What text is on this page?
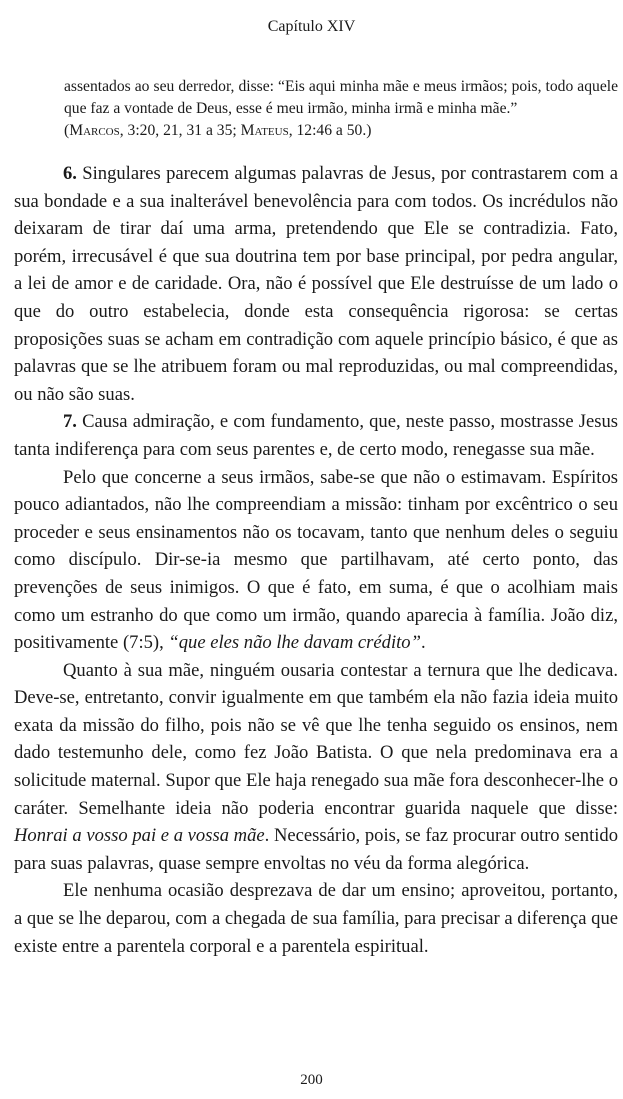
Capítulo XIV

assentados ao seu derredor, disse: “Eis aqui minha mãe e meus irmãos; pois, todo aquele que faz a vontade de Deus, esse é meu irmão, minha irmã e minha mãe.”
(Marcos, 3:20, 21, 31 a 35; Mateus, 12:46 a 50.)

6. Singulares parecem algumas palavras de Jesus, por contrastarem com a sua bondade e a sua inalterável benevolência para com todos. Os incrédulos não deixaram de tirar daí uma arma, pretendendo que Ele se contradizia. Fato, porém, irrecusável é que sua doutrina tem por base principal, por pedra angular, a lei de amor e de caridade. Ora, não é possível que Ele destruísse de um lado o que do outro estabelecia, donde esta consequência rigorosa: se certas proposições suas se acham em contradição com aquele princípio básico, é que as palavras que se lhe atribuem foram ou mal reproduzidas, ou mal compreendidas, ou não são suas.

7. Causa admiração, e com fundamento, que, neste passo, mostrasse Jesus tanta indiferença para com seus parentes e, de certo modo, renegasse sua mãe.

Pelo que concerne a seus irmãos, sabe-se que não o estimavam. Espíritos pouco adiantados, não lhe compreendiam a missão: tinham por excêntrico o seu proceder e seus ensinamentos não os tocavam, tanto que nenhum deles o seguiu como discípulo. Dir-se-ia mesmo que partilhavam, até certo ponto, das prevenções de seus inimigos. O que é fato, em suma, é que o acolhiam mais como um estranho do que como um irmão, quando aparecia à família. João diz, positivamente (7:5), “que eles não lhe davam crédito”.

Quanto à sua mãe, ninguém ousaria contestar a ternura que lhe dedicava. Deve-se, entretanto, convir igualmente em que também ela não fazia ideia muito exata da missão do filho, pois não se vê que lhe tenha seguido os ensinos, nem dado testemunho dele, como fez João Batista. O que nela predominava era a solicitude maternal. Supor que Ele haja renegado sua mãe fora desconhecer-lhe o caráter. Semelhante ideia não poderia encontrar guarida naquele que disse: Honrai a vosso pai e a vossa mãe. Necessário, pois, se faz procurar outro sentido para suas palavras, quase sempre envoltas no véu da forma alegórica.

Ele nenhuma ocasião desprezava de dar um ensino; aproveitou, portanto, a que se lhe deparou, com a chegada de sua família, para precisar a diferença que existe entre a parentela corporal e a parentela espiritual.

200
